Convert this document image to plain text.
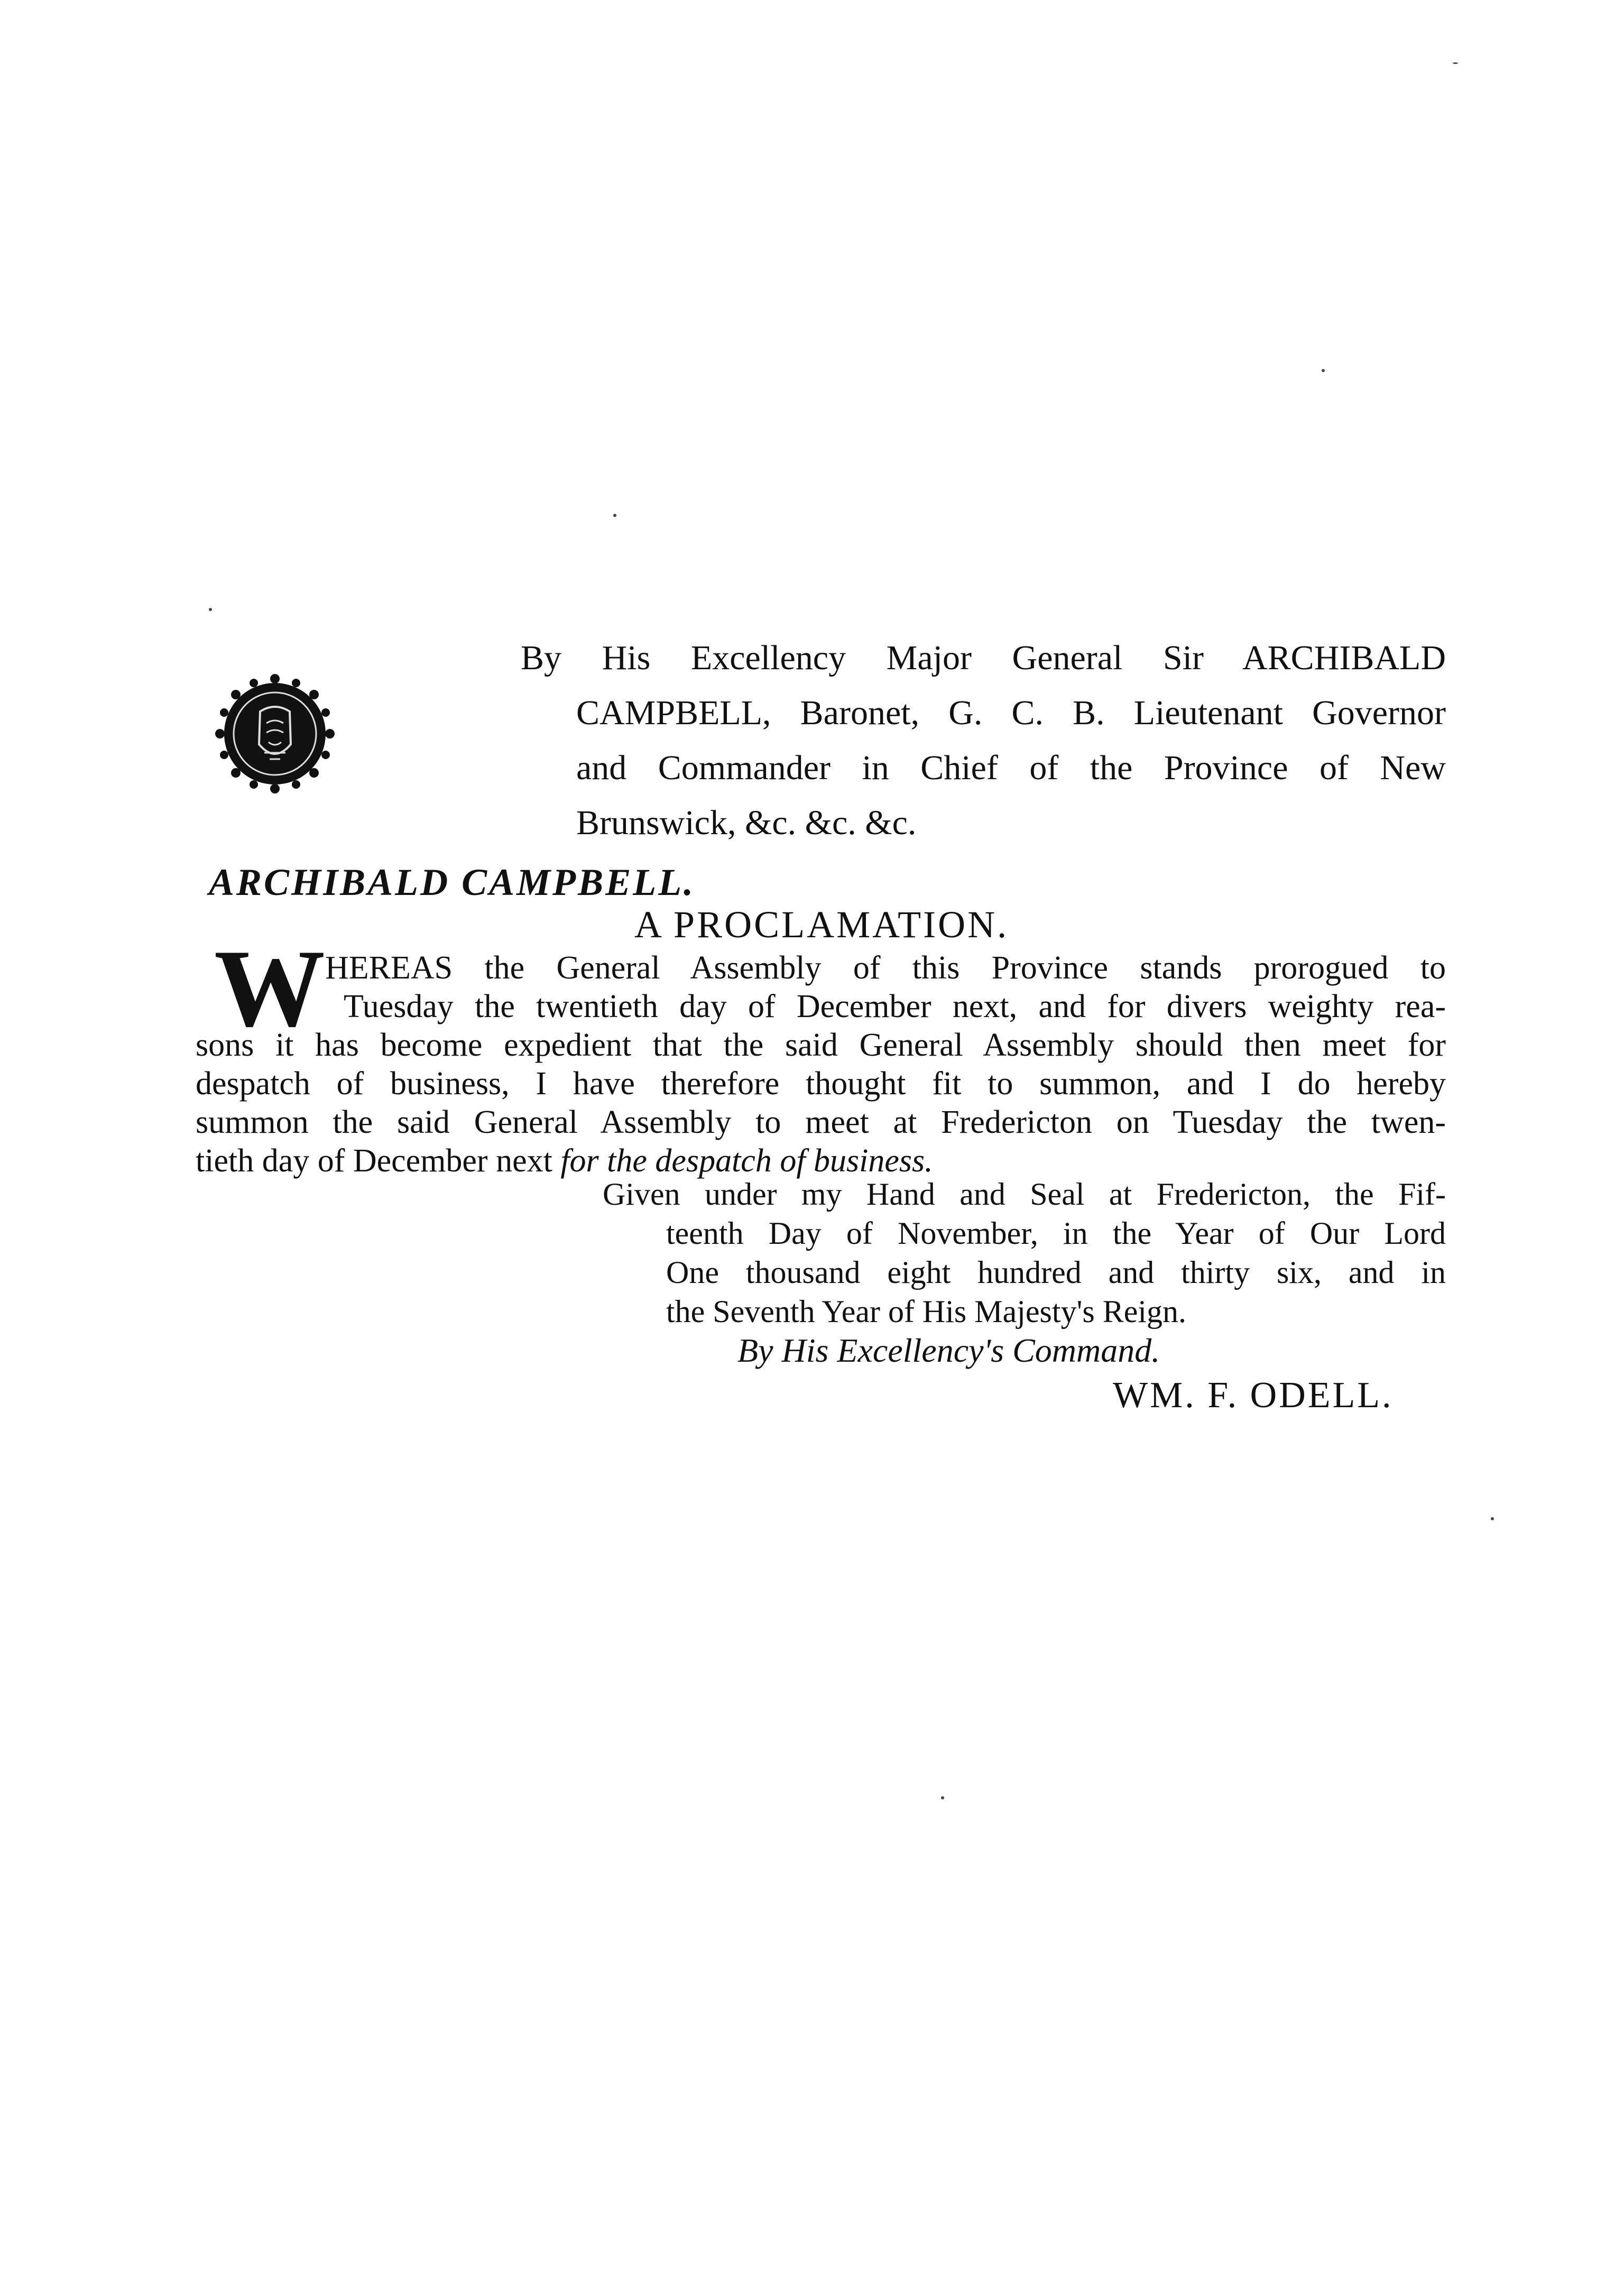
By His Excellency Major General Sir ARCHIBALD
CAMPBELL, Baronet, G. C. B. Lieutenant Governor
and Commander in Chief of the Province of New
Brunswick, &c. &c. &c.
ARCHIBALD CAMPBELL.
A PROCLAMATION.
W HEREAS the General Assembly of this Province stands prorogued to
Tuesday the twentieth day of December next, and for divers weighty rea-
sons it has become expedient that the said General Assembly should then meet for
despatch of business, I have therefore thought fit to summon, and I do hereby
summon the said General Assembly to meet at Fredericton on Tuesday the twen-
tieth day of December next for the despatch of business.
Given under my Hand and Seal at Fredericton, the Fif-
teenth Day of November, in the Year of Our Lord
One thousand eight hundred and thirty six, and in
the Seventh Year of His Majesty's Reign.
By His Excellency's Command.
WM. F. ODELL.
